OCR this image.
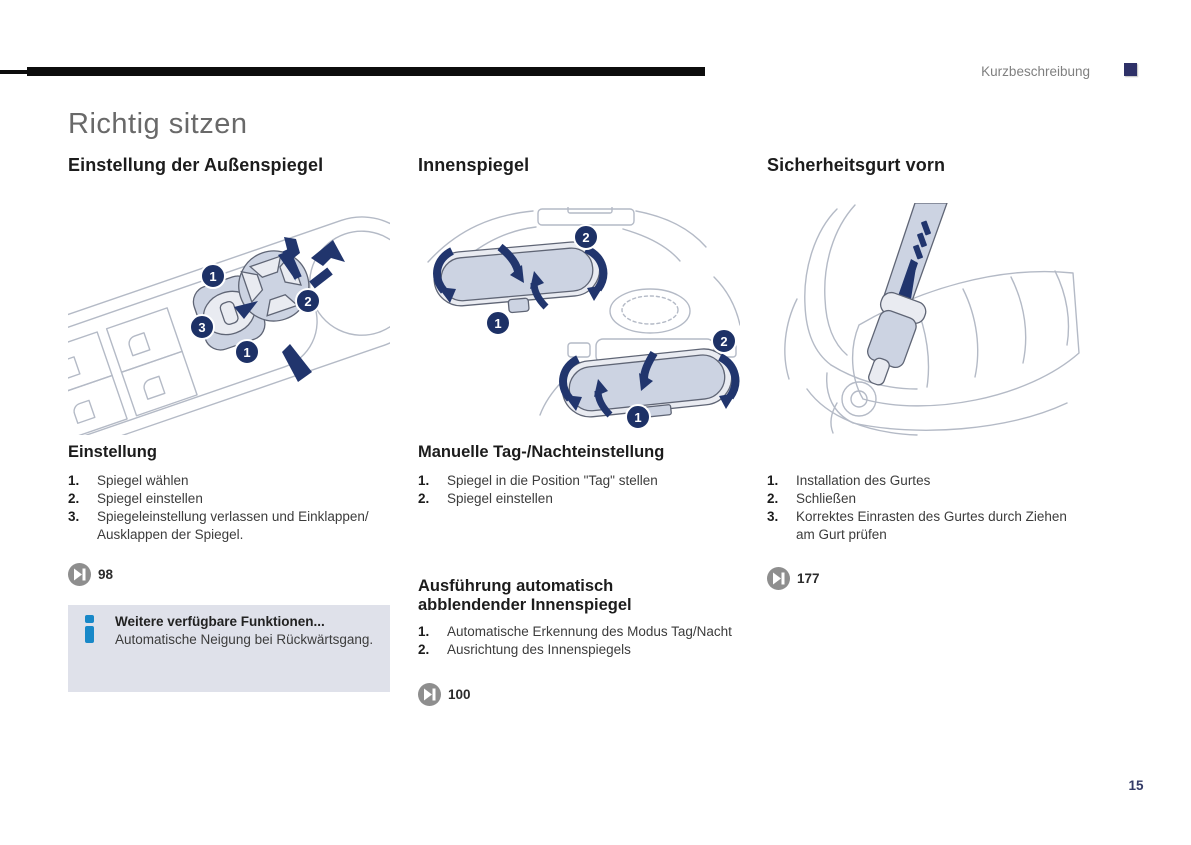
Kurzbeschreibung
Richtig sitzen
Einstellung der Außenspiegel
1
3
1
2
Einstellung
1.	Spiegel wählen
2.	Spiegel einstellen
3.	Spiegeleinstellung verlassen und Einklappen/ Ausklappen der Spiegel.
98
Weitere verfügbare Funktionen...
Automatische Neigung bei Rückwärtsgang.
Innenspiegel
1
2
1
2
Manuelle Tag-/Nachteinstellung
1.	Spiegel in die Position "Tag" stellen
2.	Spiegel einstellen
Ausführung automatisch abblendender Innenspiegel
1.	Automatische Erkennung des Modus Tag/Nacht
2.	Ausrichtung des Innenspiegels
100
Sicherheitsgurt vorn
1.	Installation des Gurtes
2.	Schließen
3.	Korrektes Einrasten des Gurtes durch Ziehen am Gurt prüfen
177
15
